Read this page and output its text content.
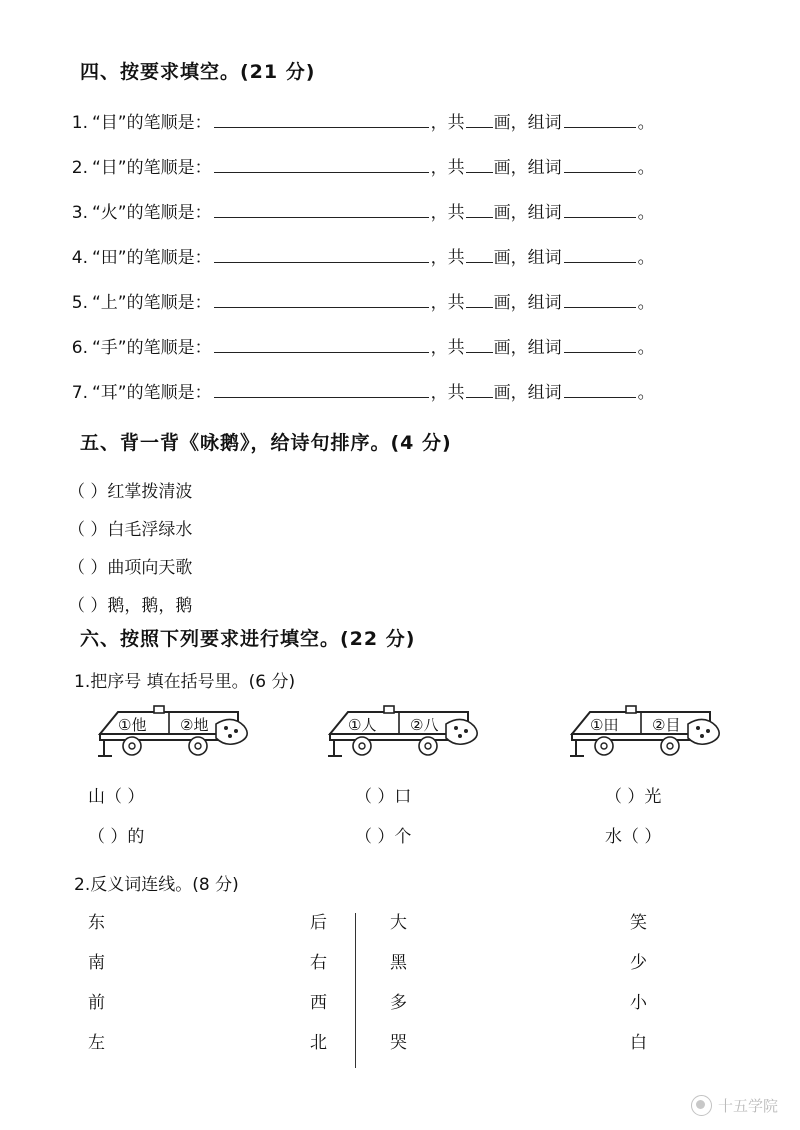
四、按要求填空。(21 分)
1. “目”的笔顺是：	，共 画，组词	。
2. “日”的笔顺是：	，共 画，组词	。
3. “火”的笔顺是：	，共 画，组词	。
4. “田”的笔顺是：	，共 画，组词	。
5. “上”的笔顺是：	，共 画，组词	。
6. “手”的笔顺是：	，共 画，组词	。
7. “耳”的笔顺是：	，共 画，组词	。
五、背一背《咏鹅》，给诗句排序。(4 分)
（ ） 红掌拨清波
（ ） 白毛浮绿水
（ ） 曲项向天歌
（ ） 鹅，鹅，鹅
六、按照下列要求进行填空。(22 分)
1.把序号 填在括号里。(6 分)
①他 ②地	①人 ②八	①田 ②目
山（ ）	（ ）口	（ ）光
（ ）的	（ ）个	水（ ）
2.反义词连线。(8 分)
东	后	大	笑
南	右	黑	少
前	西	多	小
左	北	哭	白
十五学院
